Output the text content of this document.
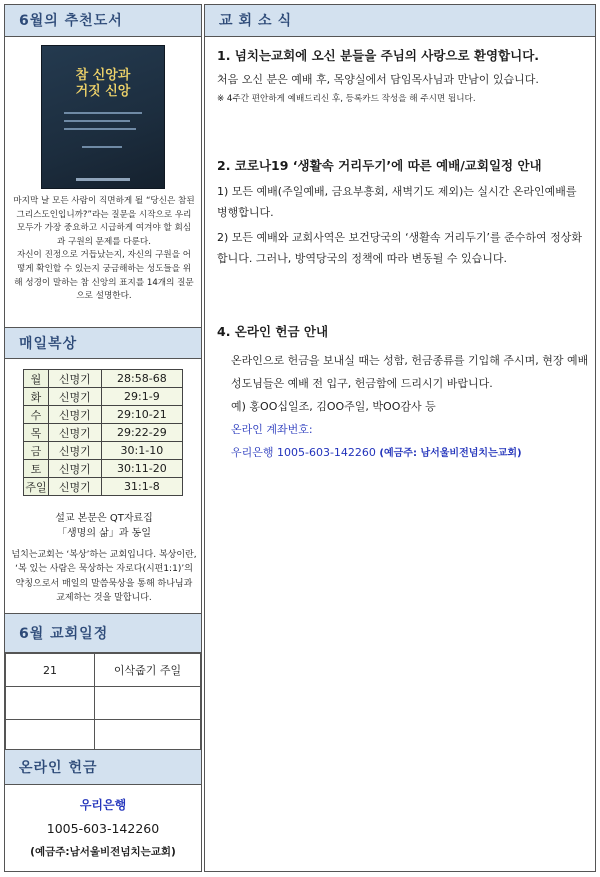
6월의 추천도서
참 신앙과
거짓 신앙

마지막 날 모든 사람이 직면하게 될 “당신은 참된 그리스도인입니까?”라는 질문을 시작으로 우리 모두가 가장 중요하고 시급하게 여겨야 할 회심과 구원의 문제를 다룬다.

자신이 진정으로 거듭났는지, 자신의 구원을 어떻게 확인할 수 있는지 궁금해하는 성도들을 위해 성경이 말하는 참 신앙의 표지를 14개의 질문으로 설명한다.

매일복상
월	신명기	28:58-68
화	신명기	29:1-9
수	신명기	29:10-21
목	신명기	29:22-29
금	신명기	30:1-10
토	신명기	30:11-20
주일	신명기	31:1-8
설교 본문은 QT자료집
「생명의 삶」과 동일
넘치는교회는 ‘복상’하는 교회입니다. 복상이란, ‘복 있는 사람은 묵상하는 자로다(시편1:1)’의 약칭으로서 매일의 말씀묵상을 통해 하나님과 교제하는 것을 말합니다.
6월 교회일정
21	이삭줍기 주일

온라인 헌금
우리은행
1005-603-142260
(예금주:남서울비전넘치는교회)
교회소식
1. 넘치는교회에 오신 분들을 주님의 사랑으로 환영합니다.
처음 오신 분은 예배 후, 목양실에서 담임목사님과 만남이 있습니다.
※ 4주간 편안하게 예배드리신 후, 등록카드 작성을 해 주시면 됩니다.
2. 코로나19 ‘생활속 거리두기’에 따른 예배/교회일정 안내
1) 모든 예배(주일예배, 금요부흥회, 새벽기도 제외)는 실시간 온라인예배를 병행합니다.
2) 모든 예배와 교회사역은 보건당국의 ‘생활속 거리두기’를 준수하여 정상화합니다. 그러나, 방역당국의 정책에 따라 변동될 수 있습니다.
4. 온라인 헌금 안내
온라인으로 헌금을 보내실 때는 성함, 헌금종류를 기입해 주시며, 현장 예배 성도님들은 예배 전 입구, 헌금함에 드리시기 바랍니다.
예) 홍OO십일조, 김OO주일, 박OO감사 등
온라인 계좌번호:
우리은행 1005-603-142260 (예금주: 남서울비전넘치는교회)
